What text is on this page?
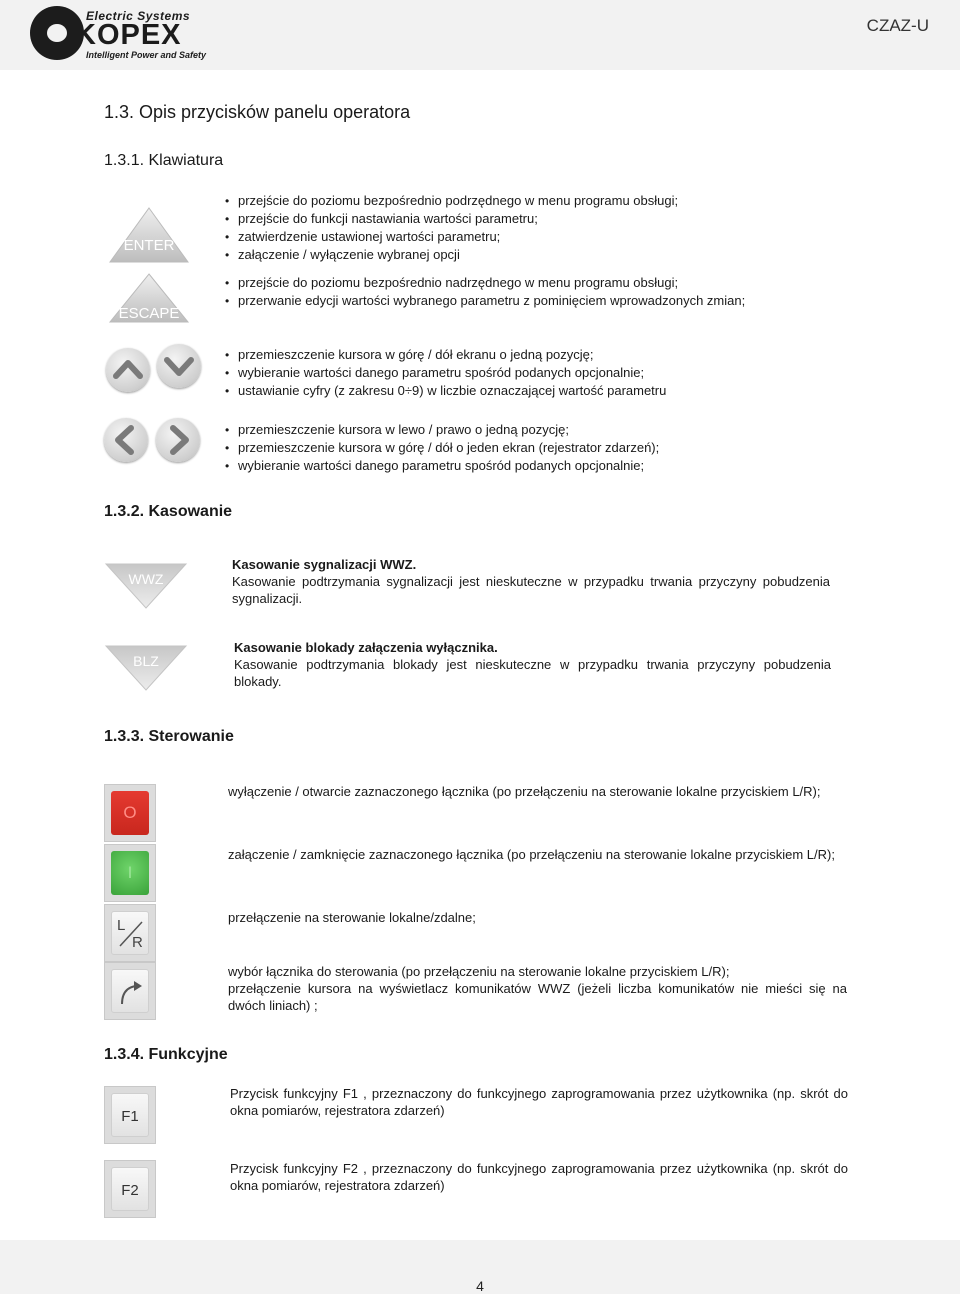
Electric Systems
KOPEX
Intelligent Power and Safety
CZAZ-U
1.3. Opis przycisków panelu operatora
1.3.1. Klawiatura
ENTER
• przejście do poziomu bezpośrednio podrzędnego w menu programu obsługi;
• przejście do funkcji nastawiania wartości parametru;
• zatwierdzenie ustawionej wartości parametru;
• załączenie / wyłączenie wybranej opcji
ESCAPE
• przejście do poziomu bezpośrednio nadrzędnego w menu programu obsługi;
• przerwanie edycji wartości wybranego parametru z pominięciem wprowadzonych zmian;
• przemieszczenie kursora w górę / dół ekranu o jedną pozycję;
• wybieranie wartości danego parametru spośród podanych opcjonalnie;
• ustawianie cyfry (z zakresu 0÷9) w liczbie oznaczającej wartość parametru
• przemieszczenie kursora w lewo / prawo o jedną pozycję;
• przemieszczenie kursora w górę / dół o jeden ekran (rejestrator zdarzeń);
• wybieranie wartości danego parametru spośród podanych opcjonalnie;
1.3.2. Kasowanie
WWZ
Kasowanie sygnalizacji WWZ.
Kasowanie podtrzymania sygnalizacji jest nieskuteczne w przypadku trwania przyczyny pobudzenia sygnalizacji.
BLZ
Kasowanie blokady załączenia wyłącznika.
Kasowanie podtrzymania blokady jest nieskuteczne w przypadku trwania przyczyny pobudzenia blokady.
1.3.3. Sterowanie
O
wyłączenie / otwarcie zaznaczonego łącznika (po przełączeniu na sterowanie lokalne przyciskiem L/R);
I
załączenie / zamknięcie zaznaczonego łącznika (po przełączeniu na sterowanie lokalne przyciskiem L/R);
L
R
przełączenie na sterowanie lokalne/zdalne;
wybór łącznika do sterowania (po przełączeniu na sterowanie lokalne przyciskiem L/R);
przełączenie kursora na wyświetlacz komunikatów WWZ (jeżeli liczba komunikatów nie mieści się na dwóch liniach) ;
1.3.4. Funkcyjne
F1
Przycisk funkcyjny F1 , przeznaczony do funkcyjnego zaprogramowania przez użytkownika (np. skrót do okna pomiarów, rejestratora zdarzeń)
F2
Przycisk funkcyjny F2 , przeznaczony do funkcyjnego zaprogramowania przez użytkownika (np. skrót do okna pomiarów, rejestratora zdarzeń)
4
